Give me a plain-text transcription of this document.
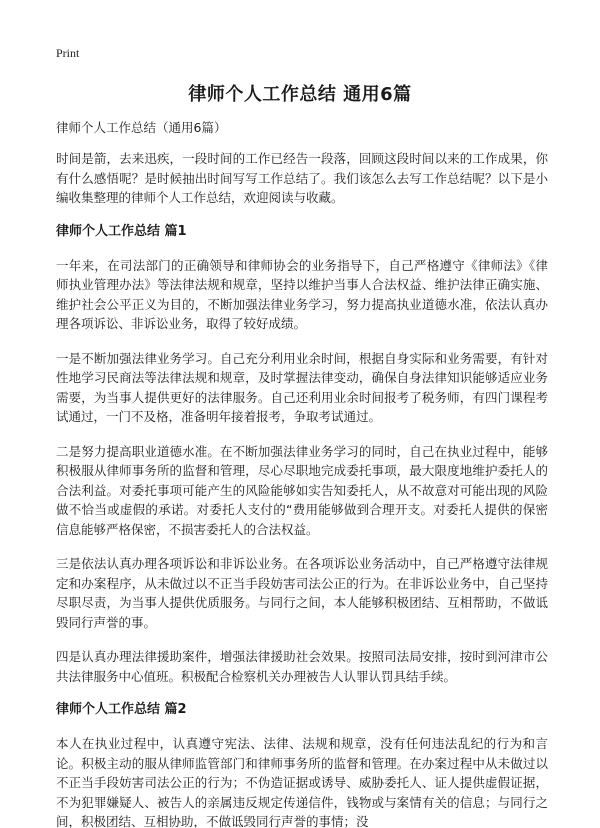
Print
律师个人工作总结 通用6篇

律师个人工作总结（通用6篇）

时间是箭，去来迅疾，一段时间的工作已经告一段落，回顾这段时间以来的工作成果，你有什么感悟呢？是时候抽出时间写写工作总结了。我们该怎么去写工作总结呢？以下是小编收集整理的律师个人工作总结，欢迎阅读与收藏。

律师个人工作总结 篇1

一年来，在司法部门的正确领导和律师协会的业务指导下，自己严格遵守《律师法》《律师执业管理办法》等法律法规和规章，坚持以维护当事人合法权益、维护法律正确实施、维护社会公平正义为目的，不断加强法律业务学习，努力提高执业道德水准，依法认真办理各项诉讼、非诉讼业务，取得了较好成绩。

一是不断加强法律业务学习。自己充分利用业余时间，根据自身实际和业务需要，有针对性地学习民商法等法律法规和规章，及时掌握法律变动，确保自身法律知识能够适应业务需要，为当事人提供更好的法律服务。自己还利用业余时间报考了税务师，有四门课程考试通过，一门不及格，准备明年接着报考，争取考试通过。

二是努力提高职业道德水准。在不断加强法律业务学习的同时，自己在执业过程中，能够积极服从律师事务所的监督和管理，尽心尽职地完成委托事项，最大限度地维护委托人的合法利益。对委托事项可能产生的风险能够如实告知委托人，从不故意对可能出现的风险做不恰当或虚假的承诺。对委托人支付的“费用能够做到合理开支。对委托人提供的保密信息能够严格保密，不损害委托人的合法权益。

三是依法认真办理各项诉讼和非诉讼业务。在各项诉讼业务活动中，自己严格遵守法律规定和办案程序，从未做过以不正当手段妨害司法公正的行为。在非诉讼业务中，自己坚持尽职尽责，为当事人提供优质服务。与同行之间，本人能够积极团结、互相帮助，不做诋毁同行声誉的事。

四是认真办理法律援助案件，增强法律援助社会效果。按照司法局安排，按时到河津市公共法律服务中心值班。积极配合检察机关办理被告人认罪认罚具结手续。

律师个人工作总结 篇2

本人在执业过程中，认真遵守宪法、法律、法规和规章，没有任何违法乱纪的行为和言论。积极主动的服从律师监管部门和律师事务所的监督和管理。在办案过程中从未做过以不正当手段妨害司法公正的行为；不伪造证据或诱导、威胁委托人、证人提供虚假证据，不为犯罪嫌疑人、被告人的亲属违反规定传递信件，钱物或与案情有关的信息；与同行之间，积极团结、互相协助，不做诋毁同行声誉的事情；没
